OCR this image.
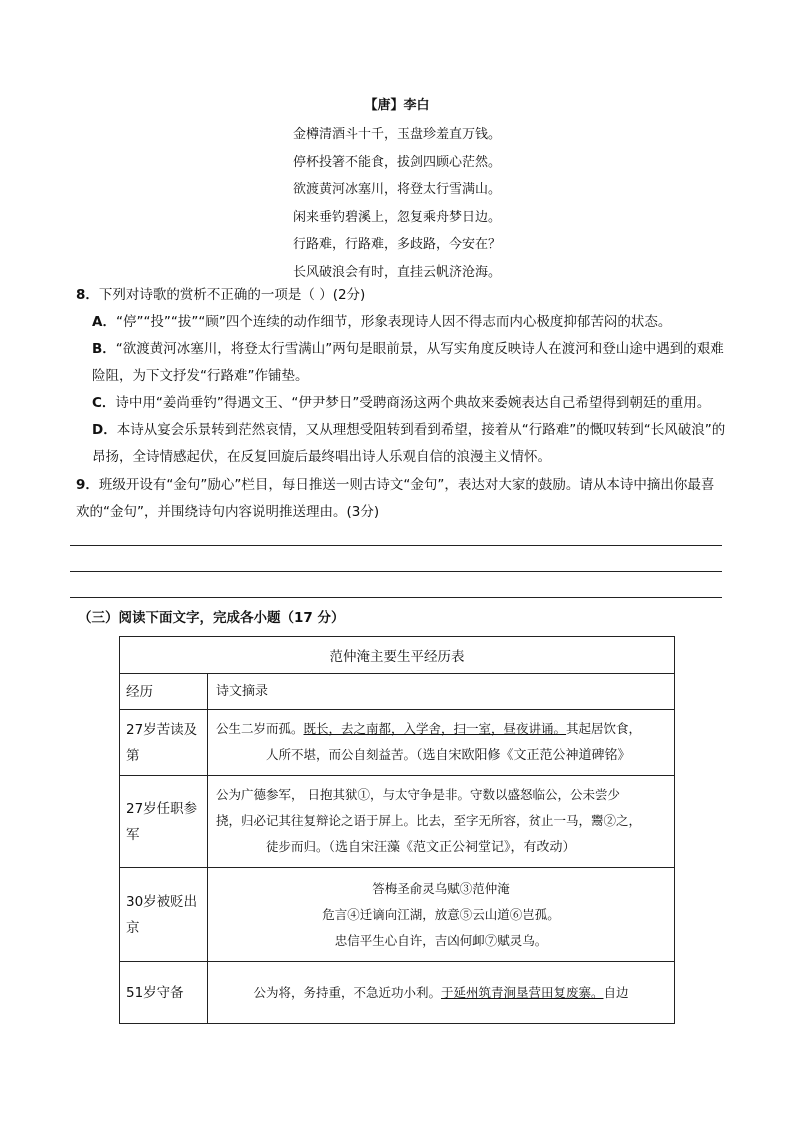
【唐】李白
金樽清酒斗十千，玉盘珍羞直万钱。
停杯投箸不能食，拔剑四顾心茫然。
欲渡黄河冰塞川，将登太行雪满山。
闲来垂钓碧溪上，忽复乘舟梦日边。
行路难，行路难，多歧路，今安在？
长风破浪会有时，直挂云帆济沧海。
8．下列对诗歌的赏析不正确的一项是（ ）(2分)
A．“停”“投”“拔”“顾”四个连续的动作细节，形象表现诗人因不得志而内心极度抑郁苦闷的状态。
B．“欲渡黄河冰塞川，将登太行雪满山”两句是眼前景，从写实角度反映诗人在渡河和登山途中遇到的艰难险阻，为下文抒发“行路难”作铺垫。
C．诗中用“姜尚垂钓”得遇文王、“伊尹梦日”受聘商汤这两个典故来委婉表达自己希望得到朝廷的重用。
D．本诗从宴会乐景转到茫然哀情，又从理想受阻转到看到希望，接着从“行路难”的慨叹转到“长风破浪”的昂扬，全诗情感起伏，在反复回旋后最终唱出诗人乐观自信的浪漫主义情怀。
9．班级开设有“金句”励心”栏目，每日推送一则古诗文“金句”，表达对大家的鼓励。请从本诗中摘出你最喜欢的“金句”，并围绕诗句内容说明推送理由。(3分)
（三）阅读下面文字，完成各小题（17 分）
范仲淹主要生平经历表	
经历	诗文摘录
27岁苦读及第	公生二岁而孤。既长，去之南都，入学舍，扫一室，昼夜讲诵。其起居饮食，
人所不堪，而公自刻益苦。（选自宋欧阳修《文正范公神道碑铭》

27岁任职参军	公为广德参军， 日抱其狱①，与太守争是非。守数以盛怒临公，公未尝少
挠，归必记其往复辩论之语于屏上。比去，至字无所容，贫止一马，鬻②之，
徒步而归。（选自宋汪藻《范文正公祠堂记》，有改动）

30岁被贬出京	答梅圣俞灵乌赋③范仲淹
危言④迁谪向江湖，放意⑤云山道⑥岂孤。
忠信平生心自许，吉凶何卹⑦赋灵乌。

51岁守备	公为将，务持重，不急近功小利。于延州筑青涧垦营田复废寨。自边
